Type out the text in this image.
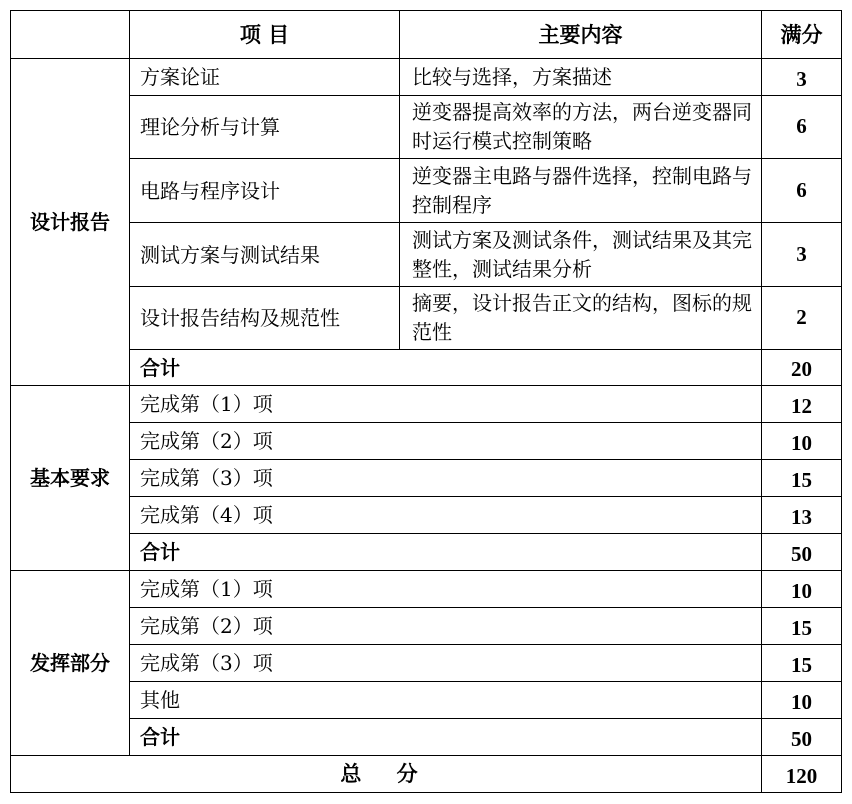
	项 目	主要内容	满分
设计报告	方案论证	比较与选择，方案描述	3
	理论分析与计算	逆变器提高效率的方法，两台逆变器同时运行模式控制策略	6
	电路与程序设计	逆变器主电路与器件选择，控制电路与控制程序	6
	测试方案与测试结果	测试方案及测试条件，测试结果及其完整性，测试结果分析	3
	设计报告结构及规范性	摘要，设计报告正文的结构，图标的规范性	2
	合计		20
基本要求	完成第（1）项		12
	完成第（2）项		10
	完成第（3）项		15
	完成第（4）项		13
	合计		50
发挥部分	完成第（1）项		10
	完成第（2）项		15
	完成第（3）项		15
	其他		10
	合计		50
总 分			120
